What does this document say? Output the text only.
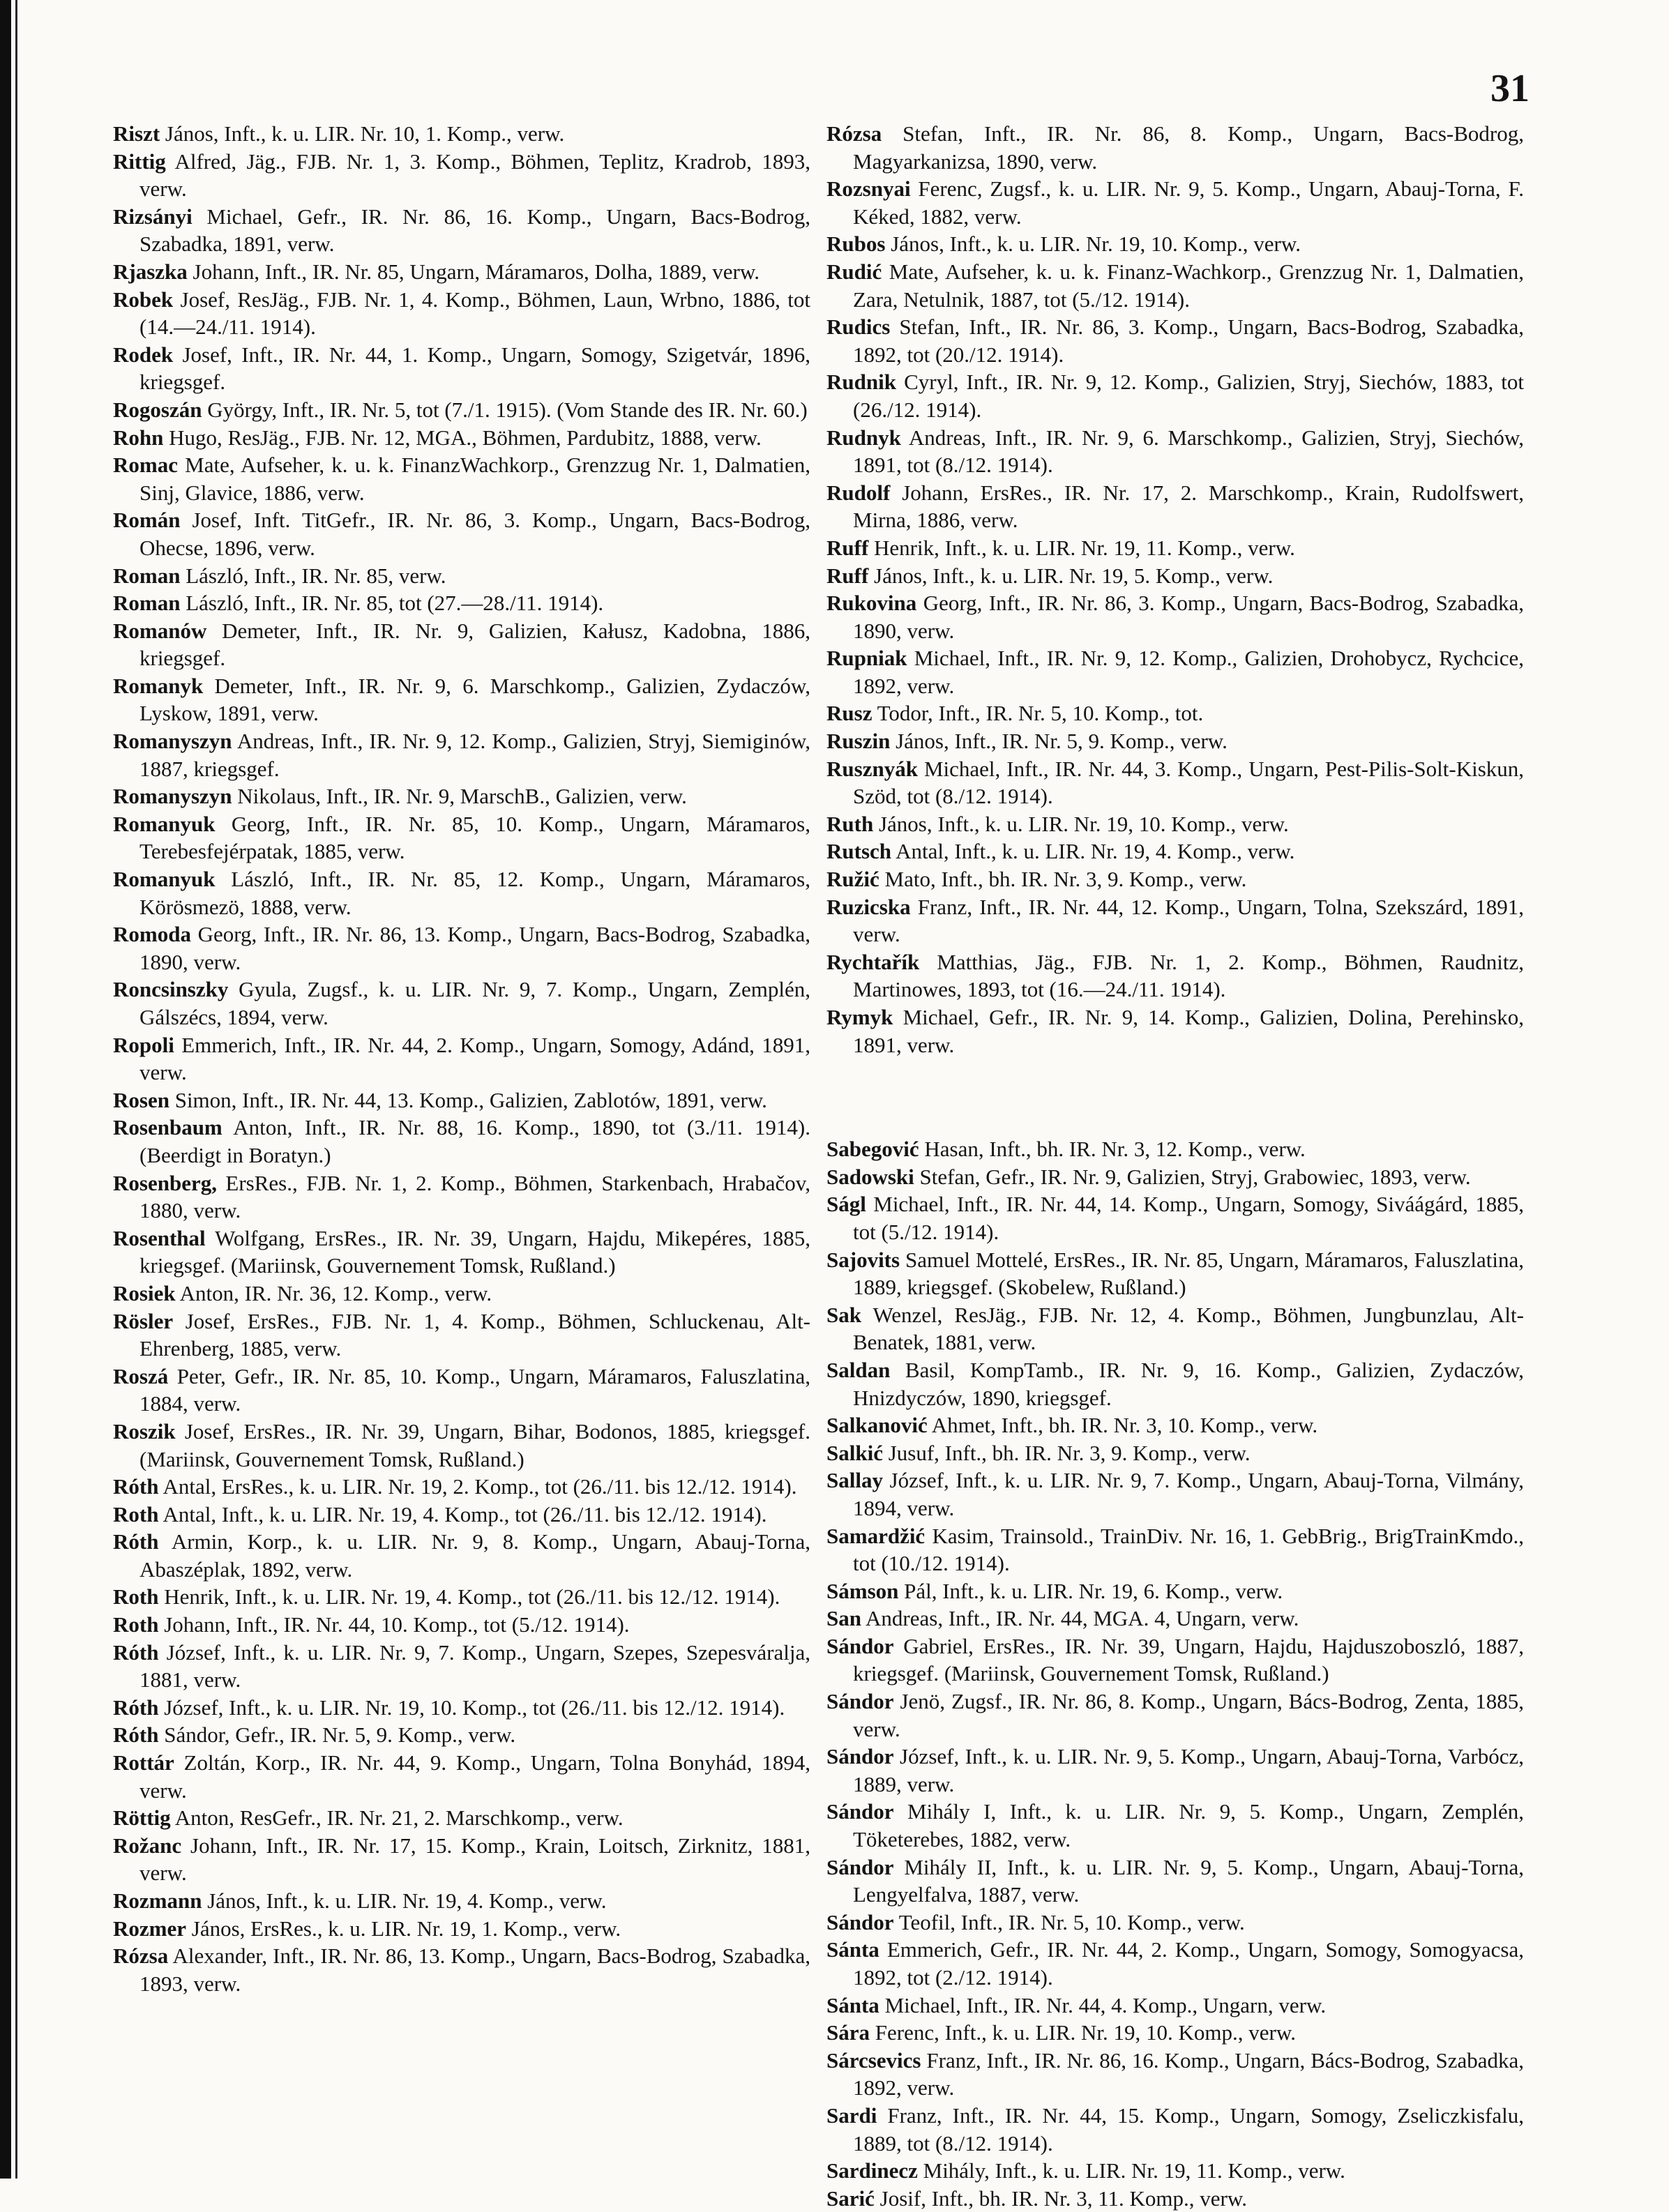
31

Riszt János, Inft., k. u. LIR. Nr. 10, 1. Komp., verw.

Rittig Alfred, Jäg., FJB. Nr. 1, 3. Komp., Böhmen, Teplitz, Kradrob, 1893, verw.

Rizsányi Michael, Gefr., IR. Nr. 86, 16. Komp., Ungarn, Bacs-Bodrog, Szabadka, 1891, verw.

Rjaszka Johann, Inft., IR. Nr. 85, Ungarn, Máramaros, Dolha, 1889, verw.

Robek Josef, ResJäg., FJB. Nr. 1, 4. Komp., Böhmen, Laun, Wrbno, 1886, tot (14.—24./11. 1914).

Rodek Josef, Inft., IR. Nr. 44, 1. Komp., Ungarn, Somogy, Szigetvár, 1896, kriegsgef.

Rogoszán György, Inft., IR. Nr. 5, tot (7./1. 1915). (Vom Stande des IR. Nr. 60.)

Rohn Hugo, ResJäg., FJB. Nr. 12, MGA., Böhmen, Pardubitz, 1888, verw.

Romac Mate, Aufseher, k. u. k. FinanzWachkorp., Grenzzug Nr. 1, Dalmatien, Sinj, Glavice, 1886, verw.

Román Josef, Inft. TitGefr., IR. Nr. 86, 3. Komp., Ungarn, Bacs-Bodrog, Ohecse, 1896, verw.

Roman László, Inft., IR. Nr. 85, verw.

Roman László, Inft., IR. Nr. 85, tot (27.—28./11. 1914).

Romanów Demeter, Inft., IR. Nr. 9, Galizien, Kałusz, Kadobna, 1886, kriegsgef.

Romanyk Demeter, Inft., IR. Nr. 9, 6. Marschkomp., Galizien, Zydaczów, Lyskow, 1891, verw.

Romanyszyn Andreas, Inft., IR. Nr. 9, 12. Komp., Galizien, Stryj, Siemiginów, 1887, kriegsgef.

Romanyszyn Nikolaus, Inft., IR. Nr. 9, MarschB., Galizien, verw.

Romanyuk Georg, Inft., IR. Nr. 85, 10. Komp., Ungarn, Máramaros, Terebesfejérpatak, 1885, verw.

Romanyuk László, Inft., IR. Nr. 85, 12. Komp., Ungarn, Máramaros, Körösmezö, 1888, verw.

Romoda Georg, Inft., IR. Nr. 86, 13. Komp., Ungarn, Bacs-Bodrog, Szabadka, 1890, verw.

Roncsinszky Gyula, Zugsf., k. u. LIR. Nr. 9, 7. Komp., Ungarn, Zemplén, Gálszécs, 1894, verw.

Ropoli Emmerich, Inft., IR. Nr. 44, 2. Komp., Ungarn, Somogy, Adánd, 1891, verw.

Rosen Simon, Inft., IR. Nr. 44, 13. Komp., Galizien, Zablotów, 1891, verw.

Rosenbaum Anton, Inft., IR. Nr. 88, 16. Komp., 1890, tot (3./11. 1914). (Beerdigt in Boratyn.)

Rosenberg, ErsRes., FJB. Nr. 1, 2. Komp., Böhmen, Starkenbach, Hrabačov, 1880, verw.

Rosenthal Wolfgang, ErsRes., IR. Nr. 39, Ungarn, Hajdu, Mikepéres, 1885, kriegsgef. (Mariinsk, Gouvernement Tomsk, Rußland.)

Rosiek Anton, IR. Nr. 36, 12. Komp., verw.

Rösler Josef, ErsRes., FJB. Nr. 1, 4. Komp., Böhmen, Schluckenau, Alt-Ehrenberg, 1885, verw.

Roszá Peter, Gefr., IR. Nr. 85, 10. Komp., Ungarn, Máramaros, Faluszlatina, 1884, verw.

Roszik Josef, ErsRes., IR. Nr. 39, Ungarn, Bihar, Bodonos, 1885, kriegsgef. (Mariinsk, Gouvernement Tomsk, Rußland.)

Róth Antal, ErsRes., k. u. LIR. Nr. 19, 2. Komp., tot (26./11. bis 12./12. 1914).

Roth Antal, Inft., k. u. LIR. Nr. 19, 4. Komp., tot (26./11. bis 12./12. 1914).

Róth Armin, Korp., k. u. LIR. Nr. 9, 8. Komp., Ungarn, Abauj-Torna, Abaszéplak, 1892, verw.

Roth Henrik, Inft., k. u. LIR. Nr. 19, 4. Komp., tot (26./11. bis 12./12. 1914).

Roth Johann, Inft., IR. Nr. 44, 10. Komp., tot (5./12. 1914).

Róth József, Inft., k. u. LIR. Nr. 9, 7. Komp., Ungarn, Szepes, Szepesváralja, 1881, verw.

Róth József, Inft., k. u. LIR. Nr. 19, 10. Komp., tot (26./11. bis 12./12. 1914).

Róth Sándor, Gefr., IR. Nr. 5, 9. Komp., verw.

Rottár Zoltán, Korp., IR. Nr. 44, 9. Komp., Ungarn, Tolna Bonyhád, 1894, verw.

Röttig Anton, ResGefr., IR. Nr. 21, 2. Marschkomp., verw.

Rožanc Johann, Inft., IR. Nr. 17, 15. Komp., Krain, Loitsch, Zirknitz, 1881, verw.

Rozmann János, Inft., k. u. LIR. Nr. 19, 4. Komp., verw.

Rozmer János, ErsRes., k. u. LIR. Nr. 19, 1. Komp., verw.

Rózsa Alexander, Inft., IR. Nr. 86, 13. Komp., Ungarn, Bacs-Bodrog, Szabadka, 1893, verw.

Rózsa Stefan, Inft., IR. Nr. 86, 8. Komp., Ungarn, Bacs-Bodrog, Magyarkanizsa, 1890, verw.

Rozsnyai Ferenc, Zugsf., k. u. LIR. Nr. 9, 5. Komp., Ungarn, Abauj-Torna, F. Kéked, 1882, verw.

Rubos János, Inft., k. u. LIR. Nr. 19, 10. Komp., verw.

Rudić Mate, Aufseher, k. u. k. Finanz-Wachkorp., Grenzzug Nr. 1, Dalmatien, Zara, Netulnik, 1887, tot (5./12. 1914).

Rudics Stefan, Inft., IR. Nr. 86, 3. Komp., Ungarn, Bacs-Bodrog, Szabadka, 1892, tot (20./12. 1914).

Rudnik Cyryl, Inft., IR. Nr. 9, 12. Komp., Galizien, Stryj, Siechów, 1883, tot (26./12. 1914).

Rudnyk Andreas, Inft., IR. Nr. 9, 6. Marschkomp., Galizien, Stryj, Siechów, 1891, tot (8./12. 1914).

Rudolf Johann, ErsRes., IR. Nr. 17, 2. Marschkomp., Krain, Rudolfswert, Mirna, 1886, verw.

Ruff Henrik, Inft., k. u. LIR. Nr. 19, 11. Komp., verw.

Ruff János, Inft., k. u. LIR. Nr. 19, 5. Komp., verw.

Rukovina Georg, Inft., IR. Nr. 86, 3. Komp., Ungarn, Bacs-Bodrog, Szabadka, 1890, verw.

Rupniak Michael, Inft., IR. Nr. 9, 12. Komp., Galizien, Drohobycz, Rychcice, 1892, verw.

Rusz Todor, Inft., IR. Nr. 5, 10. Komp., tot.

Ruszin János, Inft., IR. Nr. 5, 9. Komp., verw.

Rusznyák Michael, Inft., IR. Nr. 44, 3. Komp., Ungarn, Pest-Pilis-Solt-Kiskun, Szöd, tot (8./12. 1914).

Ruth János, Inft., k. u. LIR. Nr. 19, 10. Komp., verw.

Rutsch Antal, Inft., k. u. LIR. Nr. 19, 4. Komp., verw.

Ružić Mato, Inft., bh. IR. Nr. 3, 9. Komp., verw.

Ruzicska Franz, Inft., IR. Nr. 44, 12. Komp., Ungarn, Tolna, Szekszárd, 1891, verw.

Rychtařík Matthias, Jäg., FJB. Nr. 1, 2. Komp., Böhmen, Raudnitz, Martinowes, 1893, tot (16.—24./11. 1914).

Rymyk Michael, Gefr., IR. Nr. 9, 14. Komp., Galizien, Dolina, Perehinsko, 1891, verw.

Sabegović Hasan, Inft., bh. IR. Nr. 3, 12. Komp., verw.

Sadowski Stefan, Gefr., IR. Nr. 9, Galizien, Stryj, Grabowiec, 1893, verw.

Ságl Michael, Inft., IR. Nr. 44, 14. Komp., Ungarn, Somogy, Siváágárd, 1885, tot (5./12. 1914).

Sajovits Samuel Mottelé, ErsRes., IR. Nr. 85, Ungarn, Máramaros, Faluszlatina, 1889, kriegsgef. (Skobelew, Rußland.)

Sak Wenzel, ResJäg., FJB. Nr. 12, 4. Komp., Böhmen, Jungbunzlau, Alt-Benatek, 1881, verw.

Saldan Basil, KompTamb., IR. Nr. 9, 16. Komp., Galizien, Zydaczów, Hnizdyczów, 1890, kriegsgef.

Salkanović Ahmet, Inft., bh. IR. Nr. 3, 10. Komp., verw.

Salkić Jusuf, Inft., bh. IR. Nr. 3, 9. Komp., verw.

Sallay József, Inft., k. u. LIR. Nr. 9, 7. Komp., Ungarn, Abauj-Torna, Vilmány, 1894, verw.

Samardžić Kasim, Trainsold., TrainDiv. Nr. 16, 1. GebBrig., BrigTrainKmdo., tot (10./12. 1914).

Sámson Pál, Inft., k. u. LIR. Nr. 19, 6. Komp., verw.

San Andreas, Inft., IR. Nr. 44, MGA. 4, Ungarn, verw.

Sándor Gabriel, ErsRes., IR. Nr. 39, Ungarn, Hajdu, Hajduszoboszló, 1887, kriegsgef. (Mariinsk, Gouvernement Tomsk, Rußland.)

Sándor Jenö, Zugsf., IR. Nr. 86, 8. Komp., Ungarn, Bács-Bodrog, Zenta, 1885, verw.

Sándor József, Inft., k. u. LIR. Nr. 9, 5. Komp., Ungarn, Abauj-Torna, Varbócz, 1889, verw.

Sándor Mihály I, Inft., k. u. LIR. Nr. 9, 5. Komp., Ungarn, Zemplén, Töketerebes, 1882, verw.

Sándor Mihály II, Inft., k. u. LIR. Nr. 9, 5. Komp., Ungarn, Abauj-Torna, Lengyelfalva, 1887, verw.

Sándor Teofil, Inft., IR. Nr. 5, 10. Komp., verw.

Sánta Emmerich, Gefr., IR. Nr. 44, 2. Komp., Ungarn, Somogy, Somogyacsa, 1892, tot (2./12. 1914).

Sánta Michael, Inft., IR. Nr. 44, 4. Komp., Ungarn, verw.

Sára Ferenc, Inft., k. u. LIR. Nr. 19, 10. Komp., verw.

Sárcsevics Franz, Inft., IR. Nr. 86, 16. Komp., Ungarn, Bács-Bodrog, Szabadka, 1892, verw.

Sardi Franz, Inft., IR. Nr. 44, 15. Komp., Ungarn, Somogy, Zseliczkisfalu, 1889, tot (8./12. 1914).

Sardinecz Mihály, Inft., k. u. LIR. Nr. 19, 11. Komp., verw.

Sarić Josif, Inft., bh. IR. Nr. 3, 11. Komp., verw.
